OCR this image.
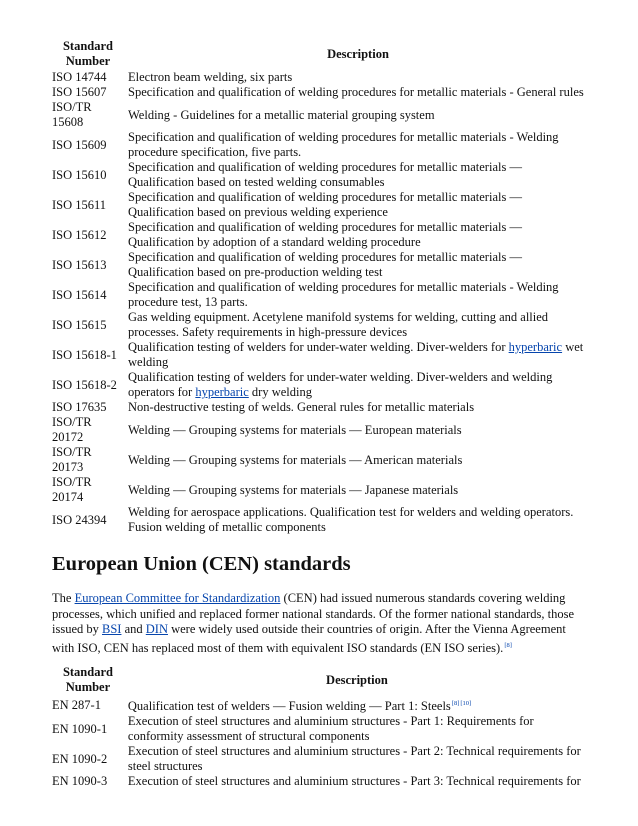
Standard Number	Description
ISO 14744	Electron beam welding, six parts
ISO 15607	Specification and qualification of welding procedures for metallic materials - General rules
ISO/TR 15608	Welding - Guidelines for a metallic material grouping system
ISO 15609	Specification and qualification of welding procedures for metallic materials - Welding procedure specification, five parts.
ISO 15610	Specification and qualification of welding procedures for metallic materials — Qualification based on tested welding consumables
ISO 15611	Specification and qualification of welding procedures for metallic materials — Qualification based on previous welding experience
ISO 15612	Specification and qualification of welding procedures for metallic materials — Qualification by adoption of a standard welding procedure
ISO 15613	Specification and qualification of welding procedures for metallic materials — Qualification based on pre-production welding test
ISO 15614	Specification and qualification of welding procedures for metallic materials - Welding procedure test, 13 parts.
ISO 15615	Gas welding equipment. Acetylene manifold systems for welding, cutting and allied processes. Safety requirements in high-pressure devices
ISO 15618-1	Qualification testing of welders for under-water welding. Diver-welders for hyperbaric wet welding
ISO 15618-2	Qualification testing of welders for under-water welding. Diver-welders and welding operators for hyperbaric dry welding
ISO 17635	Non-destructive testing of welds. General rules for metallic materials
ISO/TR 20172	Welding — Grouping systems for materials — European materials
ISO/TR 20173	Welding — Grouping systems for materials — American materials
ISO/TR 20174	Welding — Grouping systems for materials — Japanese materials
ISO 24394	Welding for aerospace applications. Qualification test for welders and welding operators. Fusion welding of metallic components
European Union (CEN) standards

The European Committee for Standardization (CEN) had issued numerous standards covering welding processes, which unified and replaced former national standards. Of the former national standards, those issued by BSI and DIN were widely used outside their countries of origin. After the Vienna Agreement with ISO, CEN has replaced most of them with equivalent ISO standards (EN ISO series).[8]

Standard Number	Description
EN 287-1	Qualification test of welders — Fusion welding — Part 1: Steels[8][10]
EN 1090-1	Execution of steel structures and aluminium structures - Part 1: Requirements for conformity assessment of structural components
EN 1090-2	Execution of steel structures and aluminium structures - Part 2: Technical requirements for steel structures
EN 1090-3	Execution of steel structures and aluminium structures - Part 3: Technical requirements for
